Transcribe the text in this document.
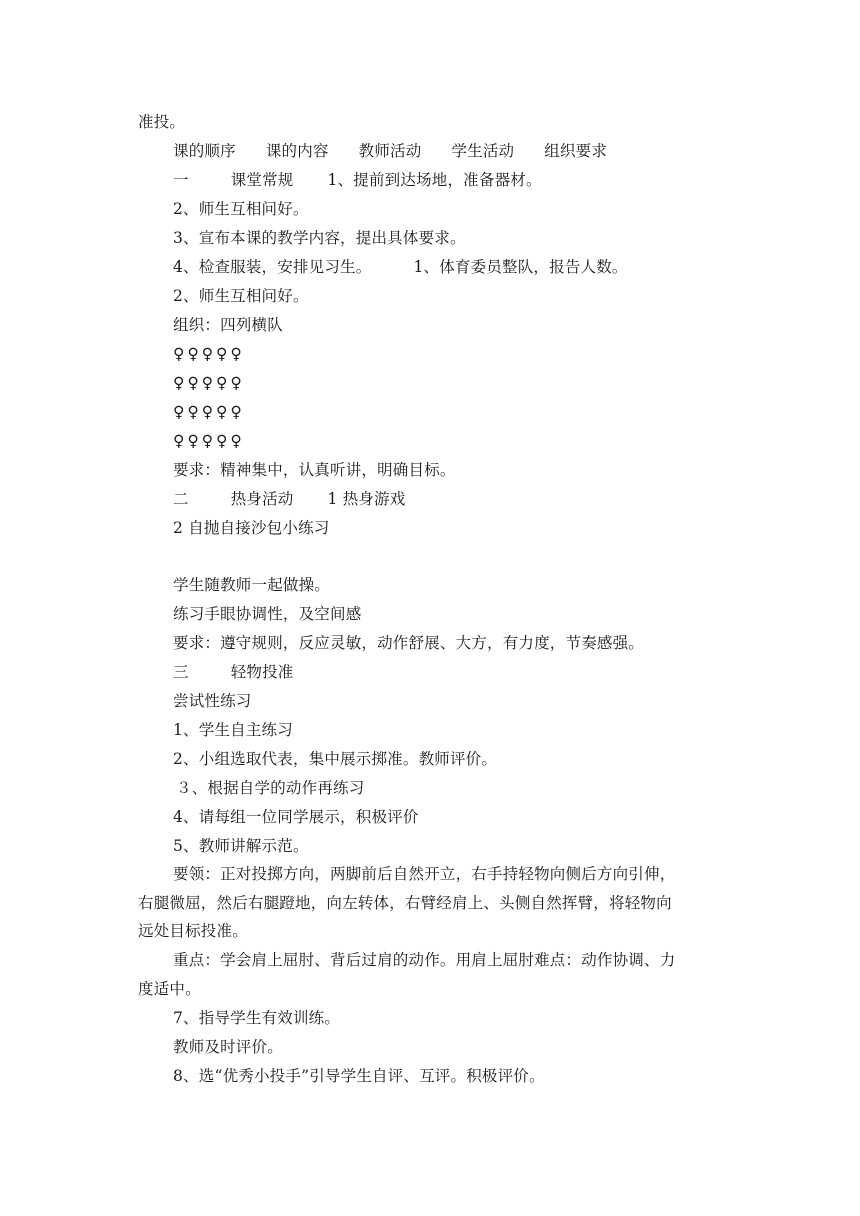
准投。
课的顺序 课的内容 教师活动 学生活动 组织要求
一	课堂常规 1、提前到达场地，准备器材。
2、师生互相问好。
3、宣布本课的教学内容，提出具体要求。
4、检查服装，安排见习生。	1、体育委员整队，报告人数。
2、师生互相问好。
组织：四列横队
♀♀♀♀♀
♀♀♀♀♀
♀♀♀♀♀
♀♀♀♀♀
要求：精神集中，认真听讲，明确目标。
二	热身活动 1 热身游戏
2 自抛自接沙包小练习
学生随教师一起做操。
练习手眼协调性，及空间感
要求：遵守规则，反应灵敏，动作舒展、大方，有力度，节奏感强。
三	轻物投准
尝试性练习
1、学生自主练习
2、小组选取代表，集中展示掷准。教师评价。
３、根据自学的动作再练习
4、请每组一位同学展示，积极评价
5、教师讲解示范。
要领：正对投掷方向，两脚前后自然开立，右手持轻物向侧后方向引伸，
右腿微屈，然后右腿蹬地，向左转体，右臂经肩上、头侧自然挥臂，将轻物向
远处目标投准。
重点：学会肩上屈肘、背后过肩的动作。用肩上屈肘难点：动作协调、力
度适中。
7、指导学生有效训练。
教师及时评价。
8、选“优秀小投手”引导学生自评、互评。积极评价。
